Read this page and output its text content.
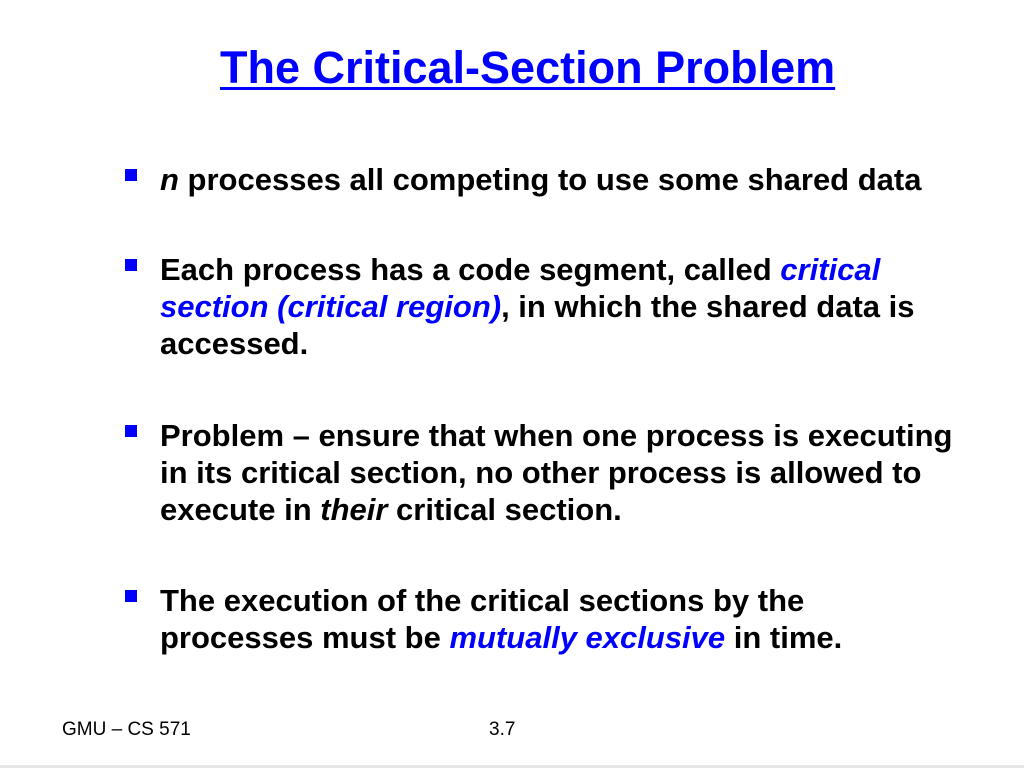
The Critical-Section Problem
n processes all competing to use some shared data
Each process has a code segment, called critical
section (critical region), in which the shared data is
accessed.
Problem – ensure that when one process is executing
in its critical section, no other process is allowed to
execute in their critical section.
The execution of the critical sections by the
processes must be mutually exclusive in time.
GMU – CS 571	3.7
